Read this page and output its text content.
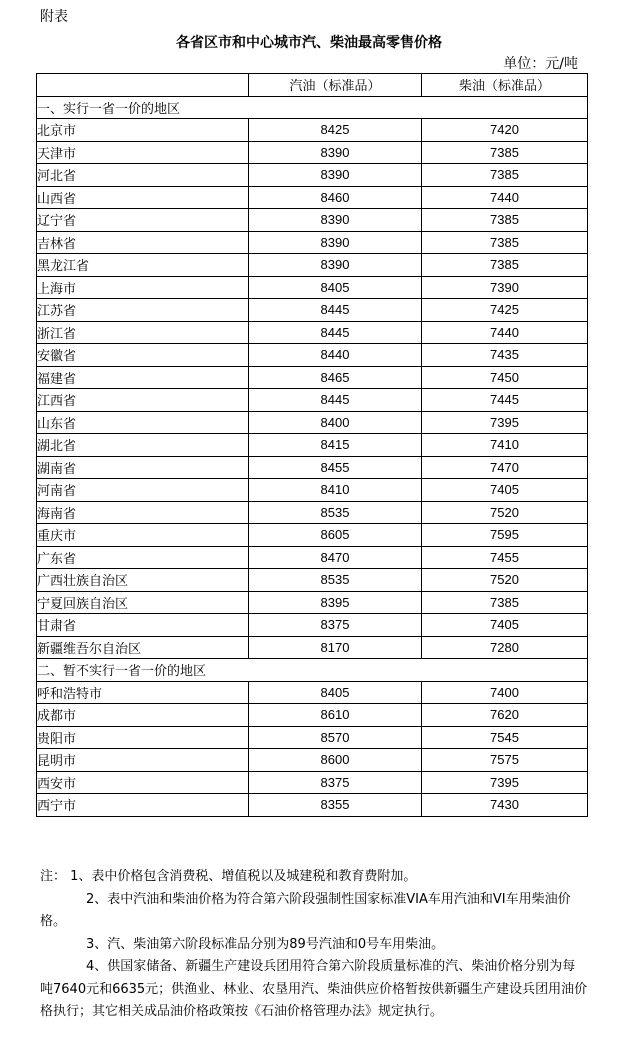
附表
各省区市和中心城市汽、柴油最高零售价格
单位：元/吨
	汽油（标准品）	柴油（标准品）
一、实行一省一价的地区		
北京市	8425	7420
天津市	8390	7385
河北省	8390	7385
山西省	8460	7440
辽宁省	8390	7385
吉林省	8390	7385
黑龙江省	8390	7385
上海市	8405	7390
江苏省	8445	7425
浙江省	8445	7440
安徽省	8440	7435
福建省	8465	7450
江西省	8445	7445
山东省	8400	7395
湖北省	8415	7410
湖南省	8455	7470
河南省	8410	7405
海南省	8535	7520
重庆市	8605	7595
广东省	8470	7455
广西壮族自治区	8535	7520
宁夏回族自治区	8395	7385
甘肃省	8375	7405
新疆维吾尔自治区	8170	7280
二、暂不实行一省一价的地区		
呼和浩特市	8405	7400
成都市	8610	7620
贵阳市	8570	7545
昆明市	8600	7575
西安市	8375	7395
西宁市	8355	7430

注： 1、表中价格包含消费税、增值税以及城建税和教育费附加。

2、表中汽油和柴油价格为符合第六阶段强制性国家标准VIA车用汽油和VI车用柴油价格。

3、汽、柴油第六阶段标准品分别为89号汽油和0号车用柴油。

4、供国家储备、新疆生产建设兵团用符合第六阶段质量标准的汽、柴油价格分别为每吨7640元和6635元；供渔业、林业、农垦用汽、柴油供应价格暂按供新疆生产建设兵团用油价格执行；其它相关成品油价格政策按《石油价格管理办法》规定执行。
